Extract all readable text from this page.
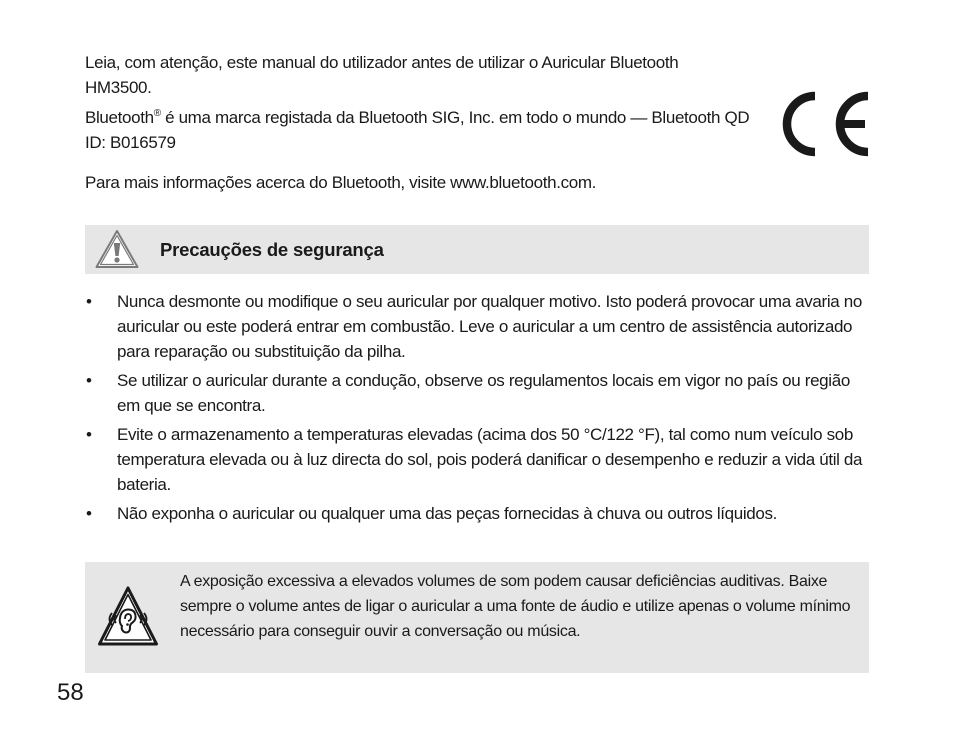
Leia, com atenção, este manual do utilizador antes de utilizar o Auricular Bluetooth HM3500.
Bluetooth® é uma marca registada da Bluetooth SIG, Inc. em todo o mundo — Bluetooth QD ID: B016579
Para mais informações acerca do Bluetooth, visite www.bluetooth.com.
Precauções de segurança
• Nunca desmonte ou modifique o seu auricular por qualquer motivo. Isto poderá provocar uma avaria no auricular ou este poderá entrar em combustão. Leve o auricular a um centro de assistência autorizado para reparação ou substituição da pilha.
• Se utilizar o auricular durante a condução, observe os regulamentos locais em vigor no país ou região em que se encontra.
• Evite o armazenamento a temperaturas elevadas (acima dos 50 °C/122 °F), tal como num veículo sob temperatura elevada ou à luz directa do sol, pois poderá danificar o desempenho e reduzir a vida útil da bateria.
• Não exponha o auricular ou qualquer uma das peças fornecidas à chuva ou outros líquidos.
A exposição excessiva a elevados volumes de som podem causar deficiências auditivas. Baixe sempre o volume antes de ligar o auricular a uma fonte de áudio e utilize apenas o volume mínimo necessário para conseguir ouvir a conversação ou música.
58
